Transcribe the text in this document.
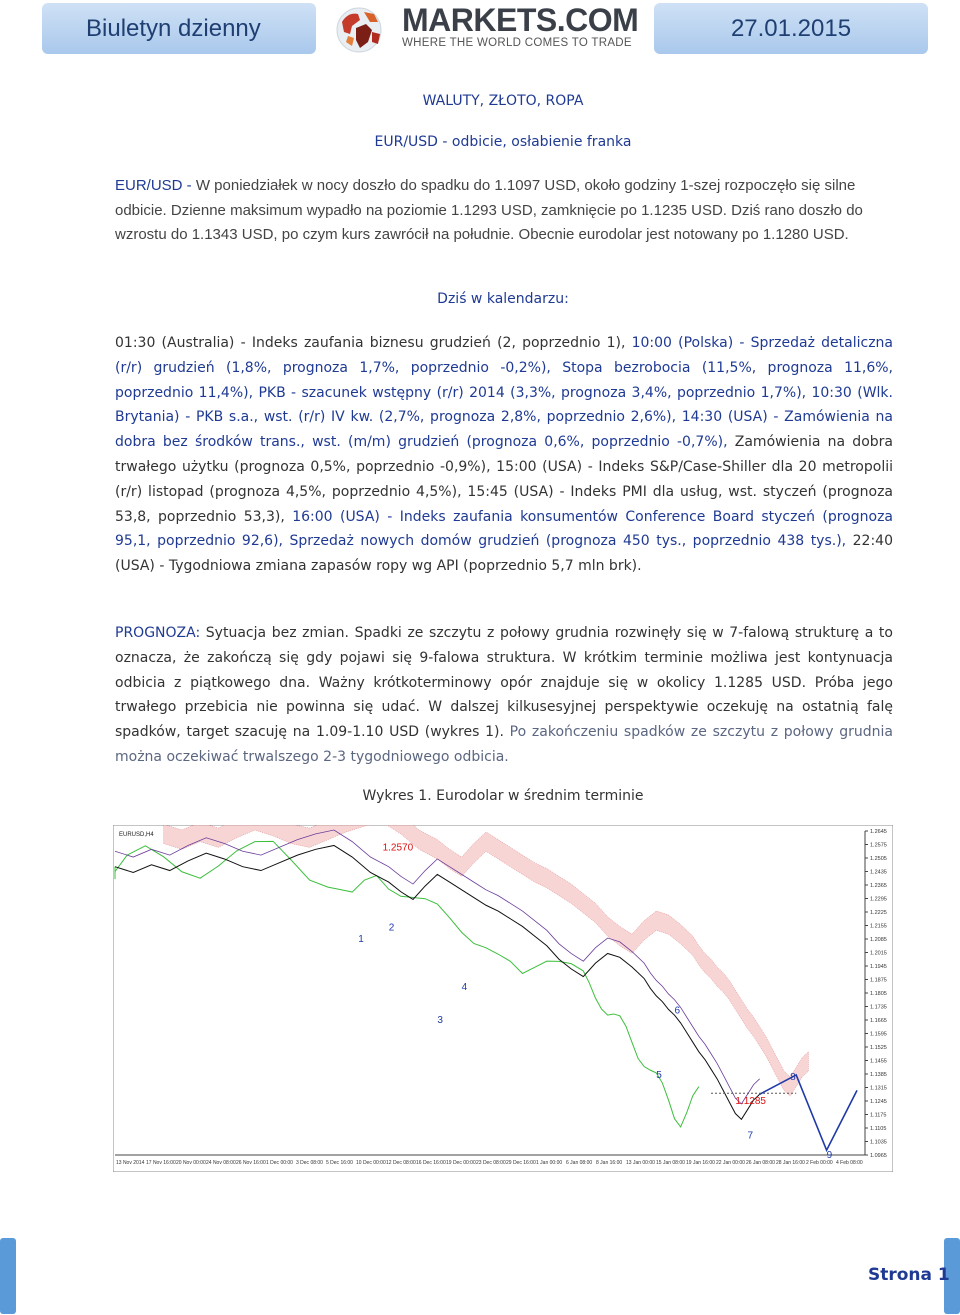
Biuletyn dzienny	MARKETS.COM
WHERE THE WORLD COMES TO TRADE
27.01.2015
WALUTY, ZŁOTO, ROPA
EUR/USD - odbicie, osłabienie franka
EUR/USD - W poniedziałek w nocy doszło do spadku do 1.1097 USD, około godziny 1-szej rozpoczęło się silne odbicie. Dzienne maksimum wypadło na poziomie 1.1293 USD, zamknięcie po 1.1235 USD. Dziś rano doszło do wzrostu do 1.1343 USD, po czym kurs zawrócił na południe. Obecnie eurodolar jest notowany po 1.1280 USD.
Dziś w kalendarzu:
01:30 (Australia) - Indeks zaufania biznesu grudzień (2, poprzednio 1), 10:00 (Polska) - Sprzedaż detaliczna (r/r) grudzień (1,8%, prognoza 1,7%, poprzednio -0,2%), Stopa bezrobocia (11,5%, prognoza 11,6%, poprzednio 11,4%), PKB - szacunek wstępny (r/r) 2014 (3,3%, prognoza 3,4%, poprzednio 1,7%), 10:30 (Wlk. Brytania) - PKB s.a., wst. (r/r) IV kw. (2,7%, prognoza 2,8%, poprzednio 2,6%), 14:30 (USA) - Zamówienia na dobra bez środków trans., wst. (m/m) grudzień (prognoza 0,6%, poprzednio -0,7%), Zamówienia na dobra trwałego użytku (prognoza 0,5%, poprzednio -0,9%), 15:00 (USA) - Indeks S&P/Case-Shiller dla 20 metropolii (r/r) listopad (prognoza 4,5%, poprzednio 4,5%), 15:45 (USA) - Indeks PMI dla usług, wst. styczeń (prognoza 53,8, poprzednio 53,3), 16:00 (USA) - Indeks zaufania konsumentów Conference Board styczeń (prognoza 95,1, poprzednio 92,6), Sprzedaż nowych domów grudzień (prognoza 450 tys., poprzednio 438 tys.), 22:40 (USA) - Tygodniowa zmiana zapasów ropy wg API (poprzednio 5,7 mln brk).
PROGNOZA: Sytuacja bez zmian. Spadki ze szczytu z połowy grudnia rozwinęły się w 7-falową strukturę a to oznacza, że zakończą się gdy pojawi się 9-falowa struktura. W krótkim terminie możliwa jest kontynuacja odbicia z piątkowego dna. Ważny krótkoterminowy opór znajduje się w okolicy 1.1285 USD. Próba jego trwałego przebicia nie powinna się udać. W dalszej kilkusesyjnej perspektywie oczekuję na ostatnią falę spadków, target szacuję na 1.09-1.10 USD (wykres 1). Po zakończeniu spadków ze szczytu z połowy grudnia można oczekiwać trwalszego 2-3 tygodniowego odbicia.
Wykres 1. Eurodolar w średnim terminie
EURUSD,H4	1.2645
1.2575
1.2505
1.2435
1.2365
1.2295
1.2225
1.2155
1.2085
1.2015
1.1945
1.1875
1.1805
1.1735
1.1665
1.1595
1.1525
1.1455
1.1385
1.1315
1.1245
1.1175
1.1105
1.1035
1.0965
13 Nov 2014 17 Nov 16:00 20 Nov 00:00 24 Nov 08:00 26 Nov 16:00 1 Dec 00:00 3 Dec 08:00 5 Dec 16:00 10 Dec 00:00 12 Dec 08:00 16 Dec 16:00 19 Dec 00:00 23 Dec 08:00 29 Dec 16:00 1 Jan 00:00 6 Jan 08:00 8 Jan 16:00 13 Jan 00:00 15 Jan 08:00 19 Jan 16:00 22 Jan 00:00 26 Jan 08:00 28 Jan 16:00 2 Feb 00:00 4 Feb 08:00
1.2570
1.1285
1
2
3
4
5
6
7
8
9
Strona 1
